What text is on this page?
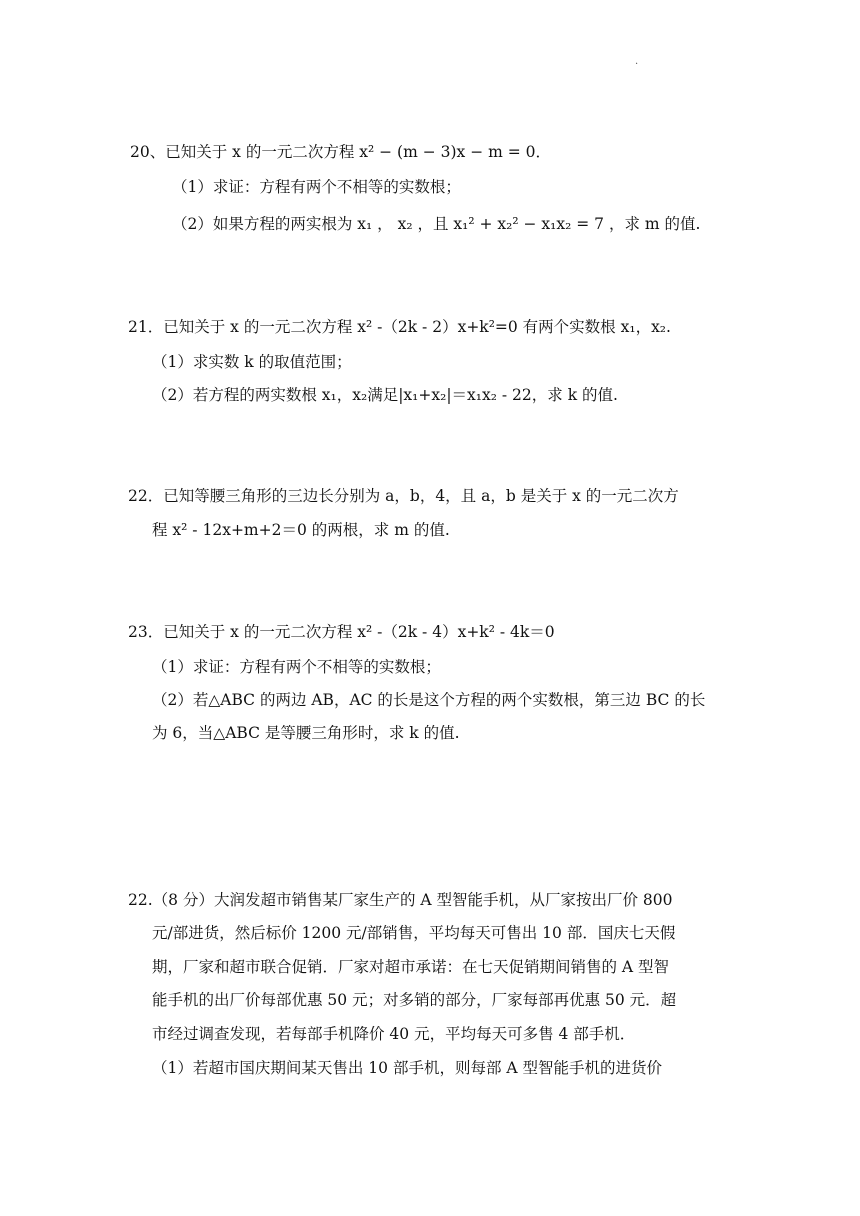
.
20、已知关于 x 的一元二次方程 x² − (m − 3)x − m = 0．
（1）求证：方程有两个不相等的实数根；
（2）如果方程的两实根为 x₁ ， x₂ ，且 x₁² + x₂² − x₁x₂ = 7 ，求 m 的值.
21．已知关于 x 的一元二次方程 x² -（2k - 2）x+k²=0 有两个实数根 x₁，x₂.
（1）求实数 k 的取值范围；
（2）若方程的两实数根 x₁，x₂满足|x₁+x₂|＝x₁x₂ - 22，求 k 的值.
22．已知等腰三角形的三边长分别为 a，b，4，且 a，b 是关于 x 的一元二次方
程 x² - 12x+m+2＝0 的两根，求 m 的值.
23．已知关于 x 的一元二次方程 x² -（2k - 4）x+k² - 4k＝0
（1）求证：方程有两个不相等的实数根；
（2）若△ABC 的两边 AB，AC 的长是这个方程的两个实数根，第三边 BC 的长
为 6，当△ABC 是等腰三角形时，求 k 的值.
22.（8 分）大润发超市销售某厂家生产的 A 型智能手机，从厂家按出厂价 800
元/部进货，然后标价 1200 元/部销售，平均每天可售出 10 部．国庆七天假
期，厂家和超市联合促销．厂家对超市承诺：在七天促销期间销售的 A 型智
能手机的出厂价每部优惠 50 元；对多销的部分，厂家每部再优惠 50 元．超
市经过调查发现，若每部手机降价 40 元，平均每天可多售 4 部手机．
（1）若超市国庆期间某天售出 10 部手机，则每部 A 型智能手机的进货价
